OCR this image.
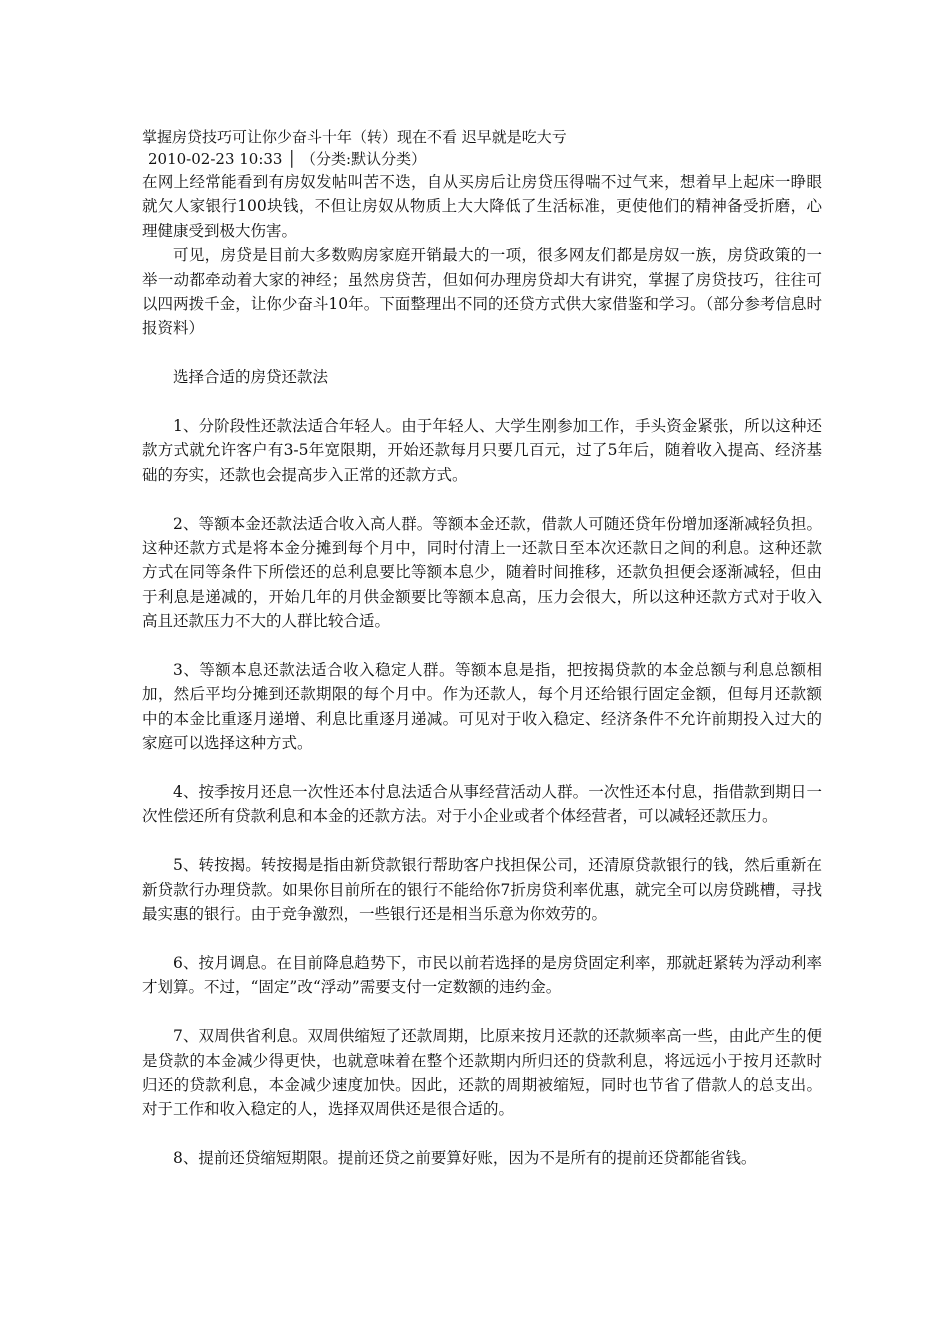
掌握房贷技巧可让你少奋斗十年（转）现在不看 迟早就是吃大亏

2010-02-23 10:33 │ （分类:默认分类）

在网上经常能看到有房奴发帖叫苦不迭，自从买房后让房贷压得喘不过气来，想着早上起床一睁眼就欠人家银行100块钱，不但让房奴从物质上大大降低了生活标准，更使他们的精神备受折磨，心理健康受到极大伤害。

可见，房贷是目前大多数购房家庭开销最大的一项，很多网友们都是房奴一族，房贷政策的一举一动都牵动着大家的神经；虽然房贷苦，但如何办理房贷却大有讲究，掌握了房贷技巧，往往可以四两拨千金，让你少奋斗10年。下面整理出不同的还贷方式供大家借鉴和学习。（部分参考信息时报资料）

选择合适的房贷还款法

1、分阶段性还款法适合年轻人。由于年轻人、大学生刚参加工作，手头资金紧张，所以这种还款方式就允许客户有3-5年宽限期，开始还款每月只要几百元，过了5年后，随着收入提高、经济基础的夯实，还款也会提高步入正常的还款方式。

2、等额本金还款法适合收入高人群。等额本金还款，借款人可随还贷年份增加逐渐减轻负担。这种还款方式是将本金分摊到每个月中，同时付清上一还款日至本次还款日之间的利息。这种还款方式在同等条件下所偿还的总利息要比等额本息少，随着时间推移，还款负担便会逐渐减轻，但由于利息是递减的，开始几年的月供金额要比等额本息高，压力会很大，所以这种还款方式对于收入高且还款压力不大的人群比较合适。

3、等额本息还款法适合收入稳定人群。等额本息是指，把按揭贷款的本金总额与利息总额相加，然后平均分摊到还款期限的每个月中。作为还款人，每个月还给银行固定金额，但每月还款额中的本金比重逐月递增、利息比重逐月递减。可见对于收入稳定、经济条件不允许前期投入过大的家庭可以选择这种方式。

4、按季按月还息一次性还本付息法适合从事经营活动人群。一次性还本付息，指借款到期日一次性偿还所有贷款利息和本金的还款方法。对于小企业或者个体经营者，可以减轻还款压力。

5、转按揭。转按揭是指由新贷款银行帮助客户找担保公司，还清原贷款银行的钱，然后重新在新贷款行办理贷款。如果你目前所在的银行不能给你7折房贷利率优惠，就完全可以房贷跳槽，寻找最实惠的银行。由于竞争激烈，一些银行还是相当乐意为你效劳的。

6、按月调息。在目前降息趋势下，市民以前若选择的是房贷固定利率，那就赶紧转为浮动利率才划算。不过，“固定”改“浮动”需要支付一定数额的违约金。

7、双周供省利息。双周供缩短了还款周期，比原来按月还款的还款频率高一些，由此产生的便是贷款的本金减少得更快，也就意味着在整个还款期内所归还的贷款利息，将远远小于按月还款时归还的贷款利息，本金减少速度加快。因此，还款的周期被缩短，同时也节省了借款人的总支出。对于工作和收入稳定的人，选择双周供还是很合适的。

8、提前还贷缩短期限。提前还贷之前要算好账，因为不是所有的提前还贷都能省钱。
